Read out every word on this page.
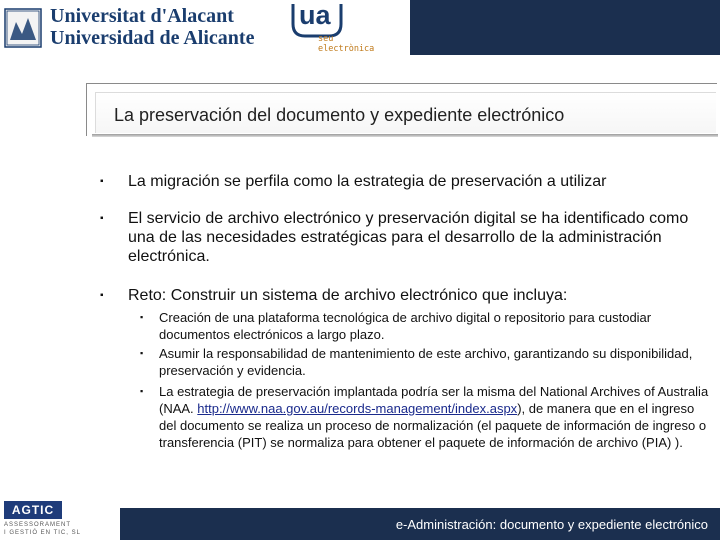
Universitat d'Alacant
Universidad de Alicante
ua
seu
electrònica
La preservación del documento y expediente electrónico
▪ La migración se perfila como la estrategia de preservación a utilizar
▪ El servicio de archivo electrónico y preservación digital se ha identificado como una de las necesidades estratégicas para el desarrollo de la administración electrónica.
▪ Reto: Construir un sistema de archivo electrónico que incluya:
▪ Creación de una plataforma tecnológica de archivo digital o repositorio para custodiar documentos electrónicos a largo plazo.
▪ Asumir la responsabilidad de mantenimiento de este archivo, garantizando su disponibilidad, preservación y evidencia.
▪ La estrategia de preservación implantada podría ser la misma del National Archives of Australia (NAA. http://www.naa.gov.au/records-management/index.aspx), de manera que en el ingreso del documento se realiza un proceso de normalización (el paquete de información de ingreso o transferencia (PIT) se normaliza para obtener el paquete de información de archivo (PIA) ).
AGTIC
ASSESSORAMENT
I GESTIÓ EN TIC, SL
e-Administración: documento y expediente electrónico
